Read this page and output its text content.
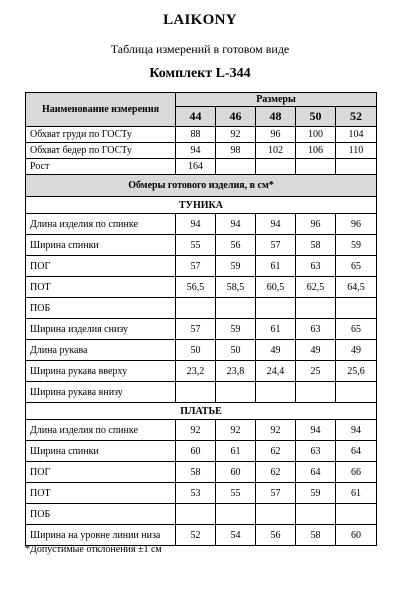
LAIKONY
Таблица измерений в готовом виде
Комплект L-344
Наименование измерения	Размеры				
	44	46	48	50	52
Обхват груди по ГОСТу	88	92	96	100	104
Обхват бедер по ГОСТу	94	98	102	106	110
Рост	164				
Обмеры готового изделия, в см*					
ТУНИКА					
Длина изделия по спинке	94	94	94	96	96
Ширина спинки	55	56	57	58	59
ПОГ	57	59	61	63	65
ПОТ	56,5	58,5	60,5	62,5	64,5
ПОБ					
Ширина изделия снизу	57	59	61	63	65
Длина рукава	50	50	49	49	49
Ширина рукава вверху	23,2	23,8	24,4	25	25,6
Ширина рукава внизу					
ПЛАТЬЕ					
Длина изделия по спинке	92	92	92	94	94
Ширина спинки	60	61	62	63	64
ПОГ	58	60	62	64	66
ПОТ	53	55	57	59	61
ПОБ					
Ширина на уровне линии низа	52	54	56	58	60
*Допустимые отклонения ±1 см
